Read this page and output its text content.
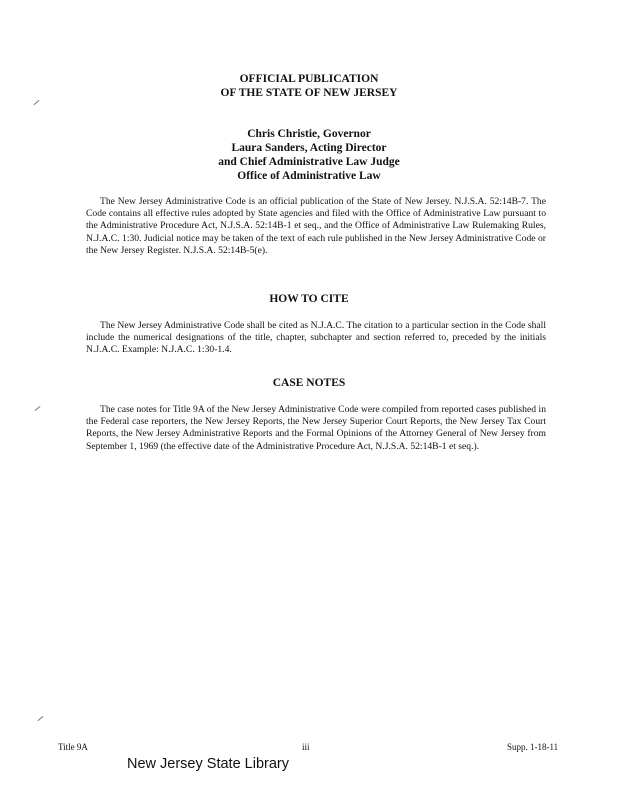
OFFICIAL PUBLICATION
OF THE STATE OF NEW JERSEY
Chris Christie, Governor
Laura Sanders, Acting Director
and Chief Administrative Law Judge
Office of Administrative Law
The New Jersey Administrative Code is an official publication of the State of New Jersey. N.J.S.A. 52:14B-7. The Code contains all effective rules adopted by State agencies and filed with the Office of Administrative Law pursuant to the Administrative Procedure Act, N.J.S.A. 52:14B-1 et seq., and the Office of Administrative Law Rulemaking Rules, N.J.A.C. 1:30. Judicial notice may be taken of the text of each rule published in the New Jersey Administrative Code or the New Jersey Register. N.J.S.A. 52:14B-5(e).
HOW TO CITE
The New Jersey Administrative Code shall be cited as N.J.A.C. The citation to a particular section in the Code shall include the numerical designations of the title, chapter, subchapter and section referred to, preceded by the initials N.J.A.C. Example: N.J.A.C. 1:30-1.4.
CASE NOTES
The case notes for Title 9A of the New Jersey Administrative Code were compiled from reported cases published in the Federal case reporters, the New Jersey Reports, the New Jersey Superior Court Reports, the New Jersey Tax Court Reports, the New Jersey Administrative Reports and the Formal Opinions of the Attorney General of New Jersey from September 1, 1969 (the effective date of the Administrative Procedure Act, N.J.S.A. 52:14B-1 et seq.).
Title 9A	iii	Supp. 1-18-11
New Jersey State Library
